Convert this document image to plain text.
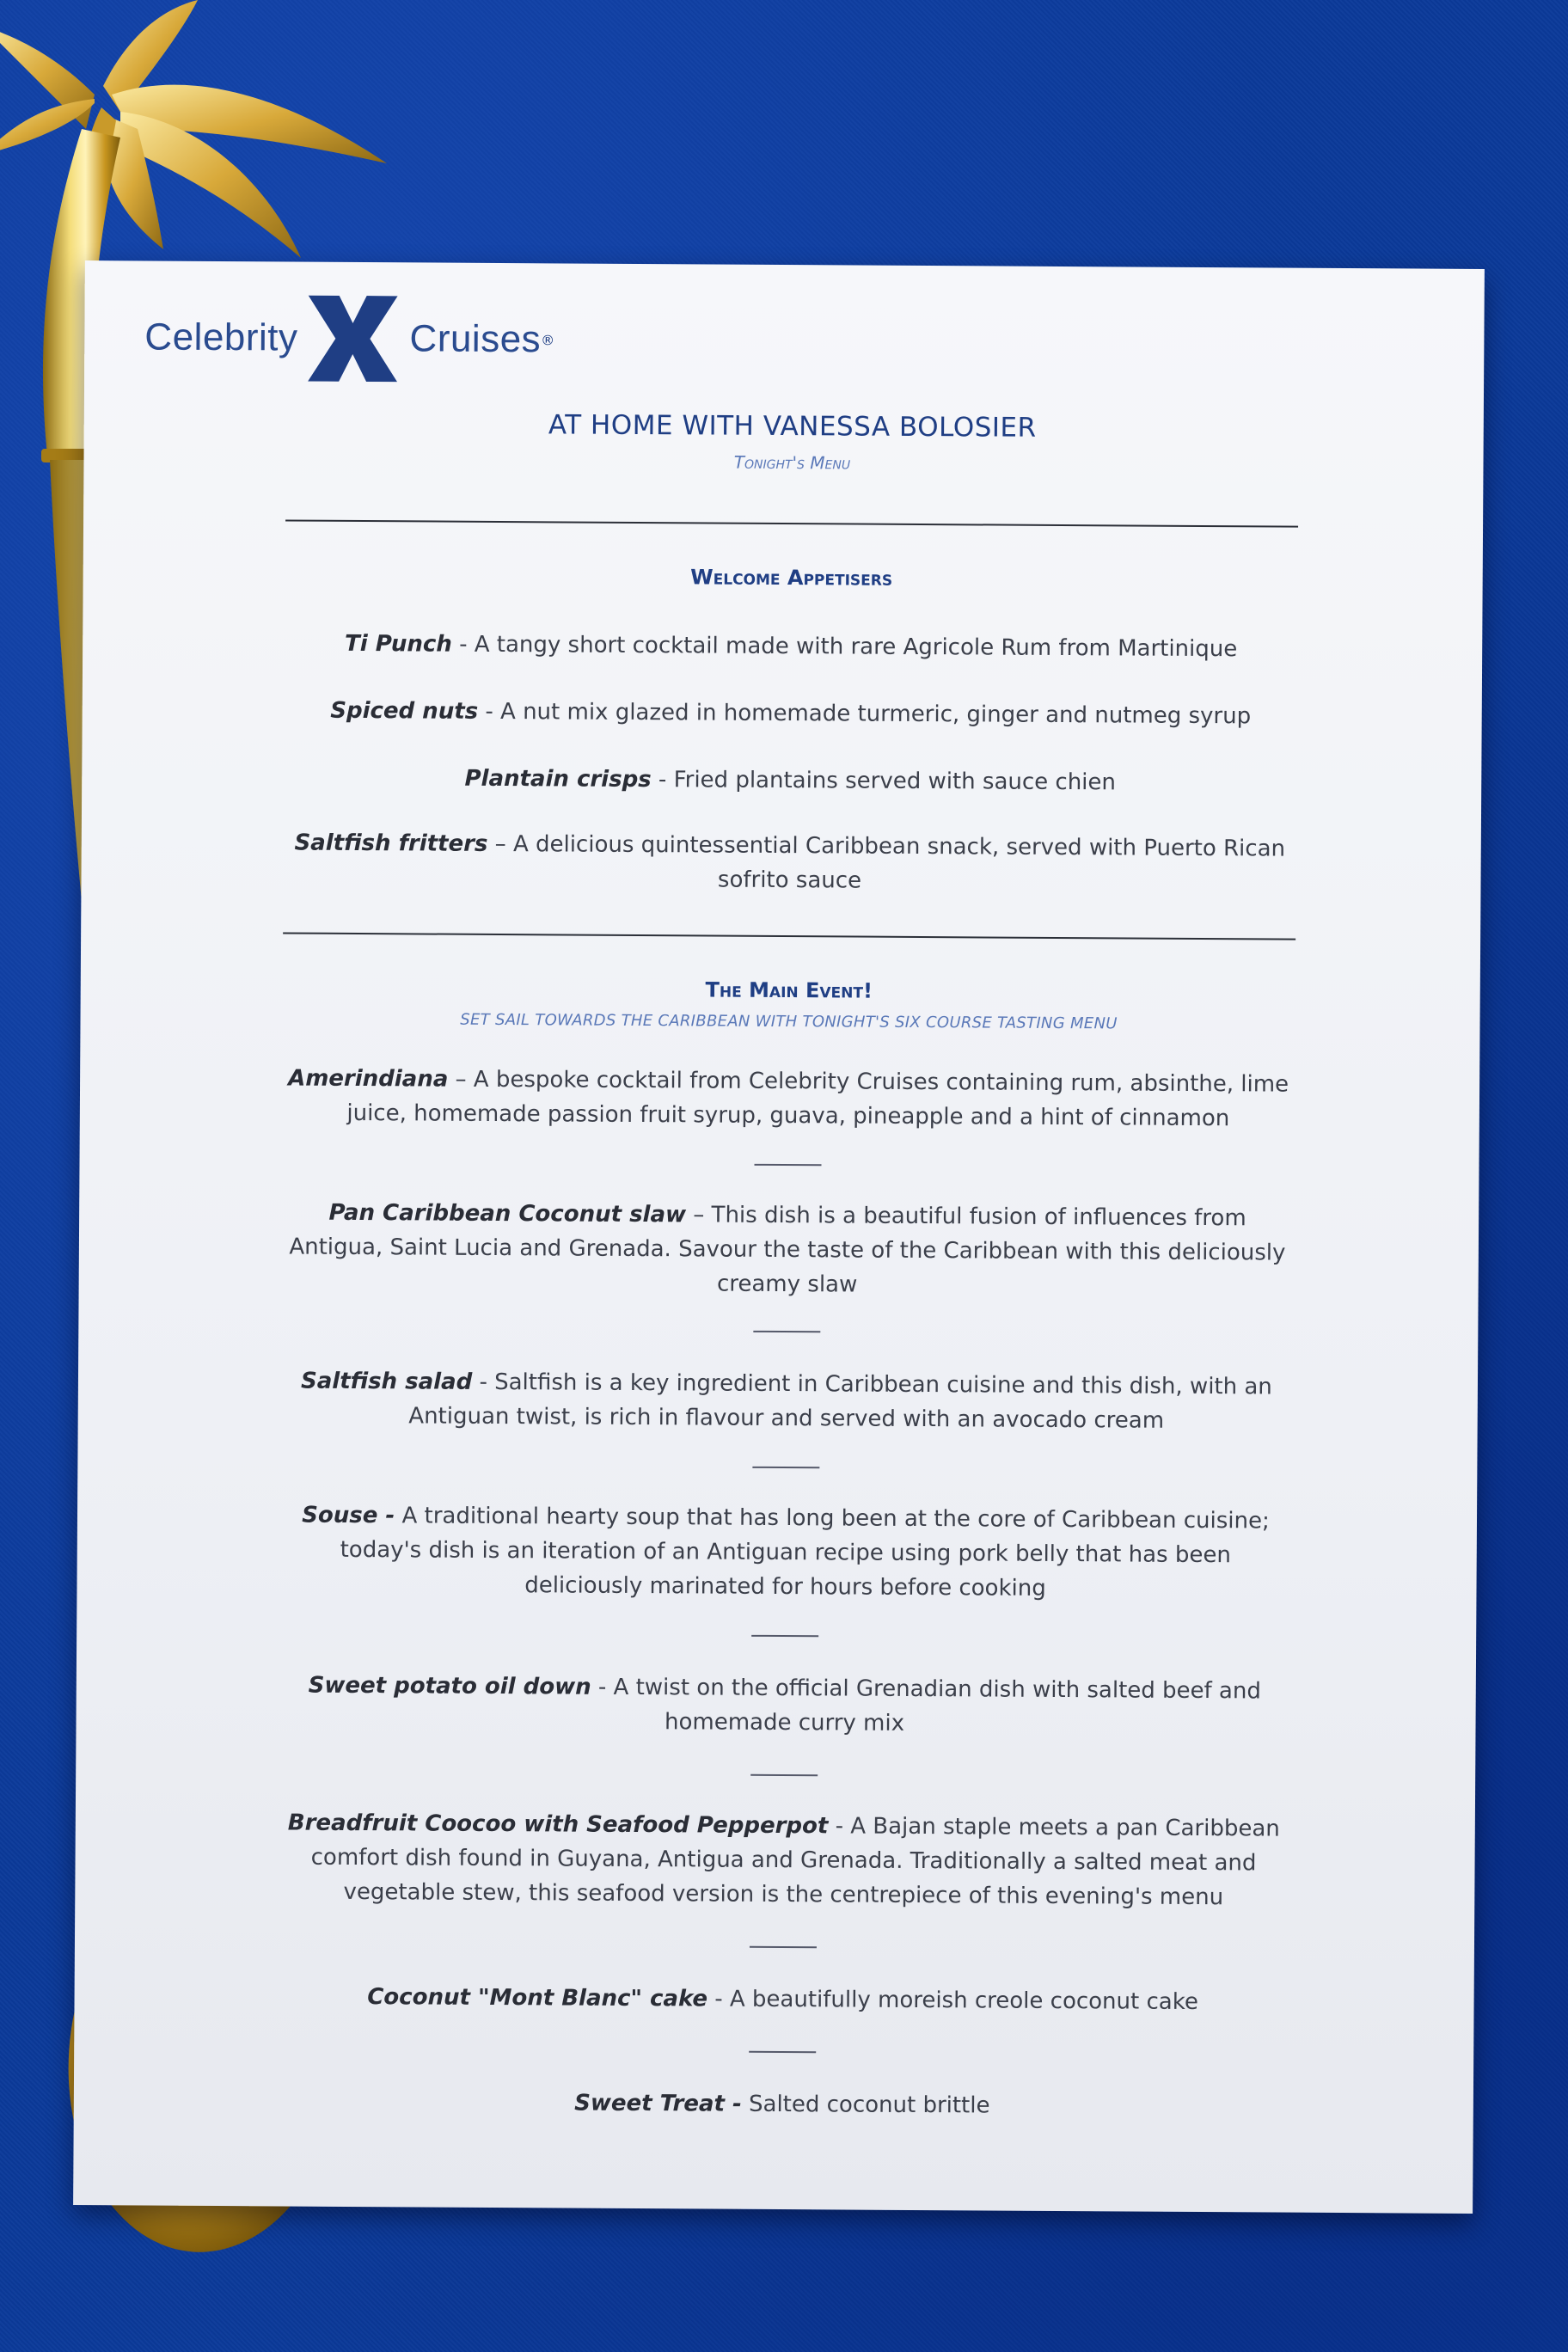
Celebrity	Cruises ®
AT HOME WITH VANESSA BOLOSIER
Tonight's Menu
Welcome Appetisers
Ti Punch - A tangy short cocktail made with rare Agricole Rum from Martinique
Spiced nuts - A nut mix glazed in homemade turmeric, ginger and nutmeg syrup
Plantain crisps - Fried plantains served with sauce chien
Saltfish fritters – A delicious quintessential Caribbean snack, served with Puerto Rican sofrito sauce
The Main Event!
SET SAIL TOWARDS THE CARIBBEAN WITH TONIGHT'S SIX COURSE TASTING MENU
Amerindiana – A bespoke cocktail from Celebrity Cruises containing rum, absinthe, lime juice, homemade passion fruit syrup, guava, pineapple and a hint of cinnamon
Pan Caribbean Coconut slaw – This dish is a beautiful fusion of influences from Antigua, Saint Lucia and Grenada. Savour the taste of the Caribbean with this deliciously creamy slaw
Saltfish salad - Saltfish is a key ingredient in Caribbean cuisine and this dish, with an Antiguan twist, is rich in flavour and served with an avocado cream
Souse - A traditional hearty soup that has long been at the core of Caribbean cuisine; today's dish is an iteration of an Antiguan recipe using pork belly that has been deliciously marinated for hours before cooking
Sweet potato oil down - A twist on the official Grenadian dish with salted beef and homemade curry mix
Breadfruit Coocoo with Seafood Pepperpot - A Bajan staple meets a pan Caribbean comfort dish found in Guyana, Antigua and Grenada. Traditionally a salted meat and vegetable stew, this seafood version is the centrepiece of this evening's menu
Coconut "Mont Blanc" cake - A beautifully moreish creole coconut cake
Sweet Treat - Salted coconut brittle
